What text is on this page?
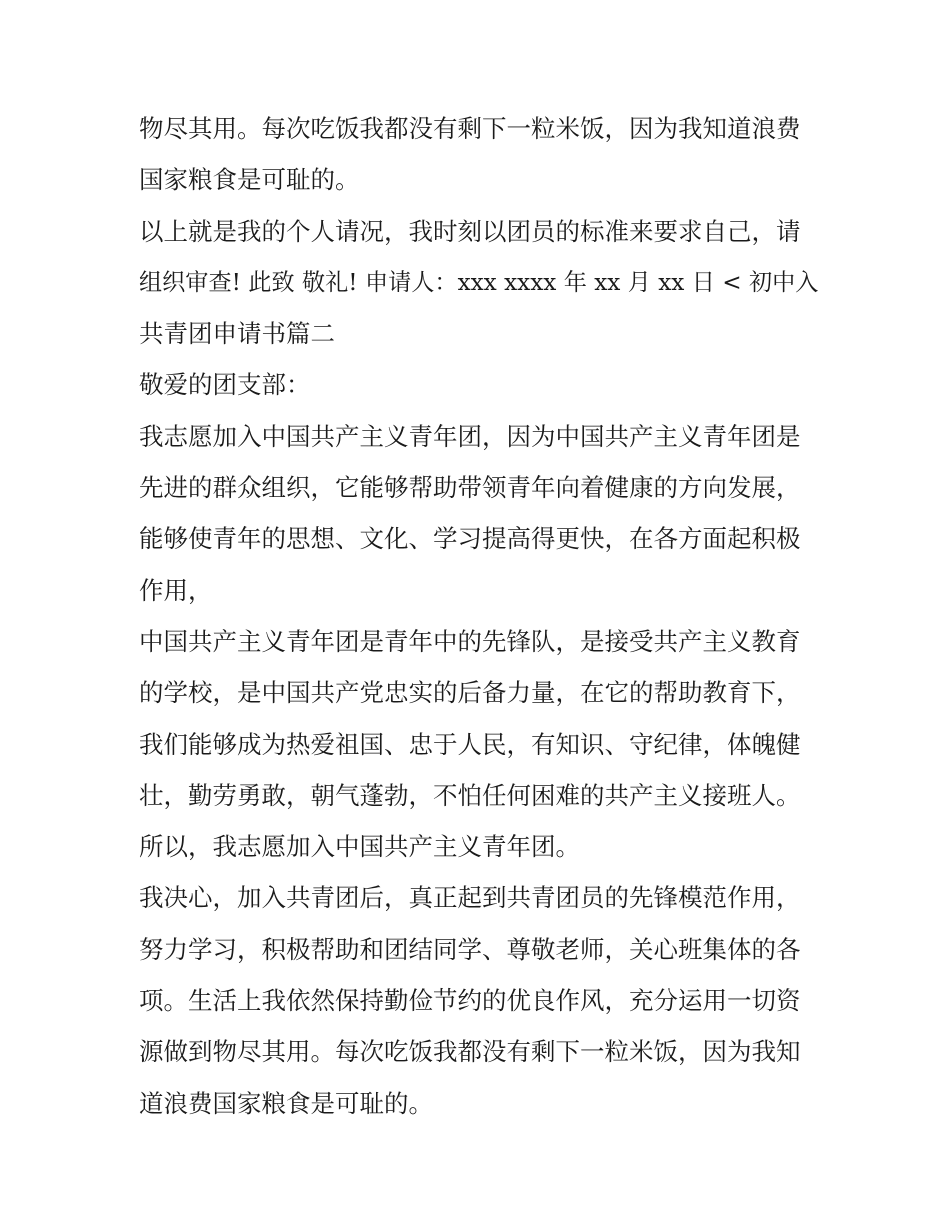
物尽其用。每次吃饭我都没有剩下一粒米饭，因为我知道浪费
国家粮食是可耻的。
以上就是我的个人请况，我时刻以团员的标准来要求自己，请
组织审查! 此致 敬礼! 申请人：xxx xxxx 年 xx 月 xx 日 < 初中入
共青团申请书篇二
敬爱的团支部：
我志愿加入中国共产主义青年团，因为中国共产主义青年团是
先进的群众组织，它能够帮助带领青年向着健康的方向发展，
能够使青年的思想、文化、学习提高得更快，在各方面起积极
作用，
中国共产主义青年团是青年中的先锋队，是接受共产主义教育
的学校，是中国共产党忠实的后备力量，在它的帮助教育下，
我们能够成为热爱祖国、忠于人民，有知识、守纪律，体魄健
壮，勤劳勇敢，朝气蓬勃，不怕任何困难的共产主义接班人。
所以，我志愿加入中国共产主义青年团。
我决心，加入共青团后，真正起到共青团员的先锋模范作用，
努力学习，积极帮助和团结同学、尊敬老师，关心班集体的各
项。生活上我依然保持勤俭节约的优良作风，充分运用一切资
源做到物尽其用。每次吃饭我都没有剩下一粒米饭，因为我知
道浪费国家粮食是可耻的。
